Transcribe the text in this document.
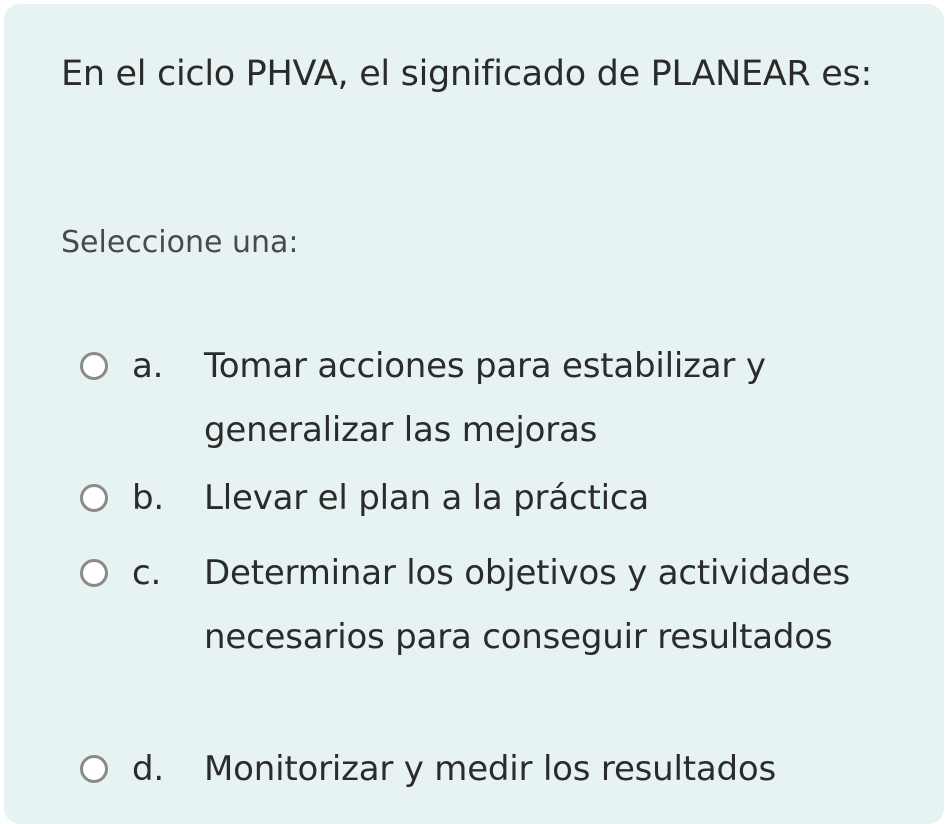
En el ciclo PHVA, el significado de PLANEAR es:
Seleccione una:
a. Tomar acciones para estabilizar y generalizar las mejoras
b. Llevar el plan a la práctica
c. Determinar los objetivos y actividades necesarios para conseguir resultados
d. Monitorizar y medir los resultados
